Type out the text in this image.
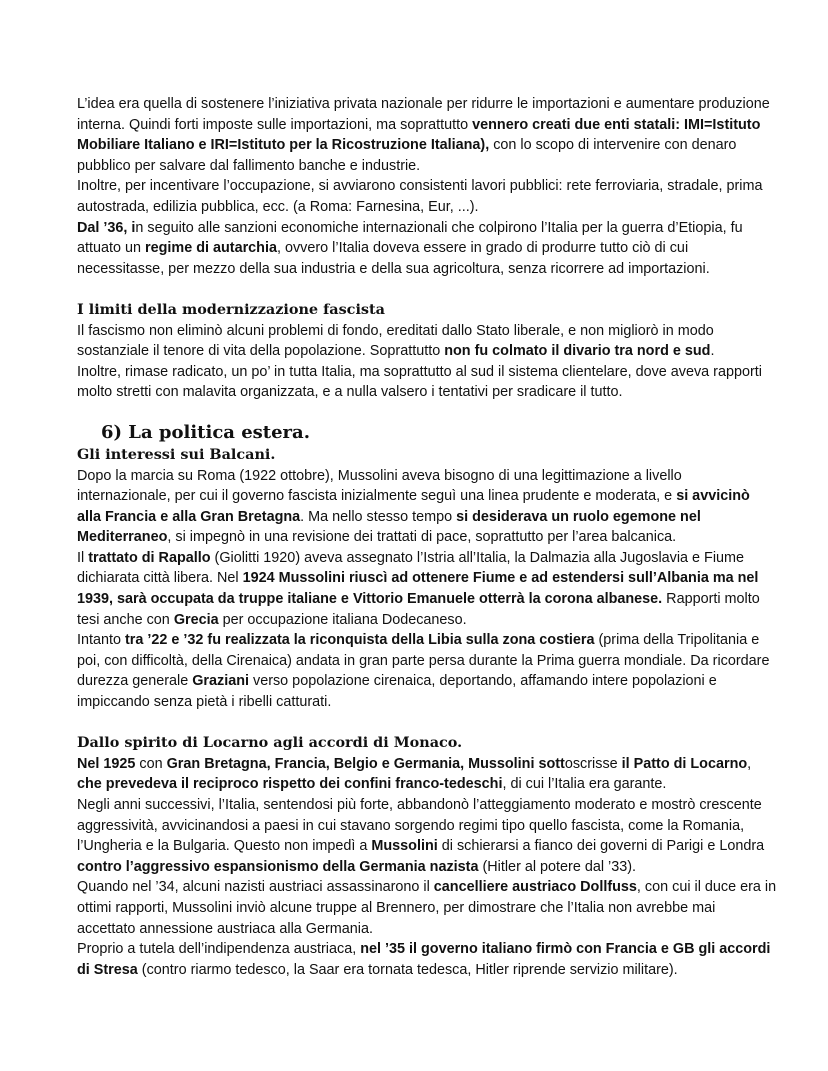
L’idea era quella di sostenere l’iniziativa privata nazionale per ridurre le importazioni e aumentare produzione interna. Quindi forti imposte sulle importazioni, ma soprattutto vennero creati due enti statali: IMI=Istituto Mobiliare Italiano e IRI=Istituto per la Ricostruzione Italiana), con lo scopo di intervenire con denaro pubblico per salvare dal fallimento banche e industrie.

Inoltre, per incentivare l’occupazione, si avviarono consistenti lavori pubblici: rete ferroviaria, stradale, prima autostrada, edilizia pubblica, ecc. (a Roma: Farnesina, Eur, ...).

Dal ’36, in seguito alle sanzioni economiche internazionali che colpirono l’Italia per la guerra d’Etiopia, fu attuato un regime di autarchia, ovvero l’Italia doveva essere in grado di produrre tutto ciò di cui necessitasse, per mezzo della sua industria e della sua agricoltura, senza ricorrere ad importazioni.

I limiti della modernizzazione fascista

Il fascismo non eliminò alcuni problemi di fondo, ereditati dallo Stato liberale, e non migliorò in modo sostanziale il tenore di vita della popolazione. Soprattutto non fu colmato il divario tra nord e sud.

Inoltre, rimase radicato, un po’ in tutta Italia, ma soprattutto al sud il sistema clientelare, dove aveva rapporti molto stretti con malavita organizzata, e a nulla valsero i tentativi per sradicare il tutto.

6) La politica estera.

Gli interessi sui Balcani.

Dopo la marcia su Roma (1922 ottobre), Mussolini aveva bisogno di una legittimazione a livello internazionale, per cui il governo fascista inizialmente seguì una linea prudente e moderata, e si avvicinò alla Francia e alla Gran Bretagna. Ma nello stesso tempo si desiderava un ruolo egemone nel Mediterraneo, si impegnò in una revisione dei trattati di pace, soprattutto per l’area balcanica.

Il trattato di Rapallo (Giolitti 1920) aveva assegnato l’Istria all’Italia, la Dalmazia alla Jugoslavia e Fiume dichiarata città libera. Nel 1924 Mussolini riuscì ad ottenere Fiume e ad estendersi sull’Albania ma nel 1939, sarà occupata da truppe italiane e Vittorio Emanuele otterrà la corona albanese. Rapporti molto tesi anche con Grecia per occupazione italiana Dodecaneso.

Intanto tra ’22 e ’32 fu realizzata la riconquista della Libia sulla zona costiera (prima della Tripolitania e poi, con difficoltà, della Cirenaica) andata in gran parte persa durante la Prima guerra mondiale. Da ricordare durezza generale Graziani verso popolazione cirenaica, deportando, affamando intere popolazioni e impiccando senza pietà i ribelli catturati.

Dallo spirito di Locarno agli accordi di Monaco.

Nel 1925 con Gran Bretagna, Francia, Belgio e Germania, Mussolini sottoscrisse il Patto di Locarno, che prevedeva il reciproco rispetto dei confini franco-tedeschi, di cui l’Italia era garante.

Negli anni successivi, l’Italia, sentendosi più forte, abbandonò l’atteggiamento moderato e mostrò crescente aggressività, avvicinandosi a paesi in cui stavano sorgendo regimi tipo quello fascista, come la Romania, l’Ungheria e la Bulgaria. Questo non impedì a Mussolini di schierarsi a fianco dei governi di Parigi e Londra contro l’aggressivo espansionismo della Germania nazista (Hitler al potere dal ’33).

Quando nel ’34, alcuni nazisti austriaci assassinarono il cancelliere austriaco Dollfuss, con cui il duce era in ottimi rapporti, Mussolini inviò alcune truppe al Brennero, per dimostrare che l’Italia non avrebbe mai accettato annessione austriaca alla Germania.

Proprio a tutela dell’indipendenza austriaca, nel ’35 il governo italiano firmò con Francia e GB gli accordi di Stresa (contro riarmo tedesco, la Saar era tornata tedesca, Hitler riprende servizio militare).
